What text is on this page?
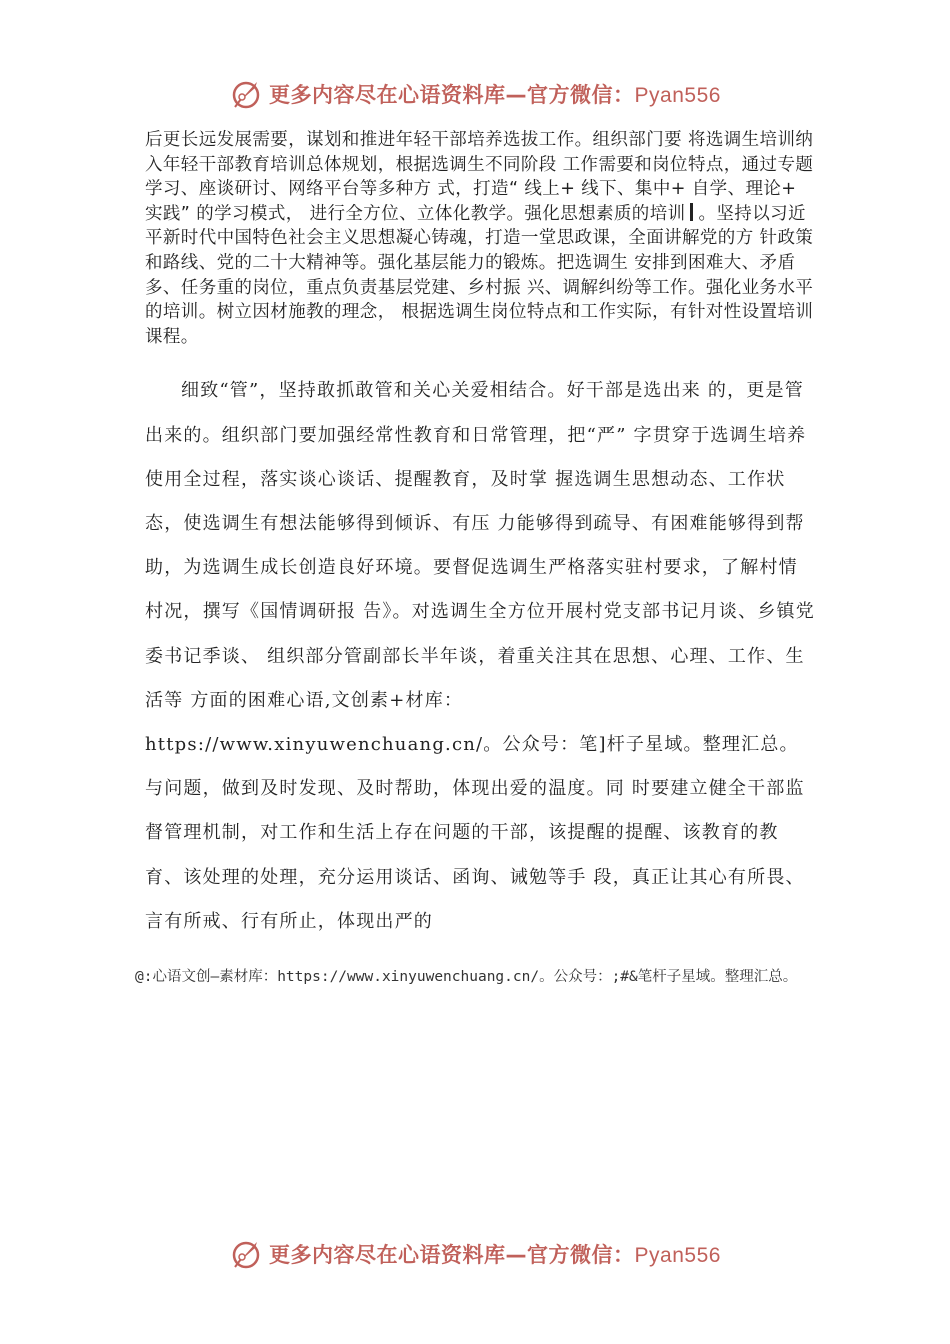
更多内容尽在心语资料库—官方微信：Pyan556

后更长远发展需要，谋划和推进年轻干部培养选拔工作。组织部门要 将选调生培训纳入年轻干部教育培训总体规划，根据选调生不同阶段 工作需要和岗位特点，通过专题学习、座谈研讨、网络平台等多种方 式，打造“ 线上+ 线下、集中+ 自学、理论+ 实践” 的学习模式， 进行全方位、立体化教学。强化思想素质的培训 。坚持以习近平新时代中国特色社会主义思想凝心铸魂，打造一堂思政课，全面讲解党的方 针政策和路线、党的二十大精神等。强化基层能力的锻炼。把选调生 安排到困难大、矛盾多、任务重的岗位，重点负责基层党建、乡村振 兴、调解纠纷等工作。强化业务水平的培训。树立因材施教的理念， 根据选调生岗位特点和工作实际，有针对性设置培训课程。

细致“管”，坚持敢抓敢管和关心关爱相结合。好干部是选出来 的，更是管出来的。组织部门要加强经常性教育和日常管理，把“严” 字贯穿于选调生培养使用全过程，落实谈心谈话、提醒教育，及时掌 握选调生思想动态、工作状态，使选调生有想法能够得到倾诉、有压 力能够得到疏导、有困难能够得到帮助，为选调生成长创造良好环境。要督促选调生严格落实驻村要求，了解村情村况，撰写《国情调研报 告》。对选调生全方位开展村党支部书记月谈、乡镇党委书记季谈、 组织部分管副部长半年谈，着重关注其在思想、心理、工作、生活等 方面的困难心语,文创素+材库：https://www.xinyuwenchuang.cn/。公众号：笔]杆子星域。整理汇总。与问题，做到及时发现、及时帮助，体现出爱的温度。同 时要建立健全干部监督管理机制，对工作和生活上存在问题的干部，该提醒的提醒、该教育的教育、该处理的处理，充分运用谈话、函询、诫勉等手 段，真正让其心有所畏、言有所戒、行有所止，体现出严的

@:心语文创—素材库：https://www.xinyuwenchuang.cn/。公众号：;#&笔杆子星域。整理汇总。
更多内容尽在心语资料库—官方微信：Pyan556
